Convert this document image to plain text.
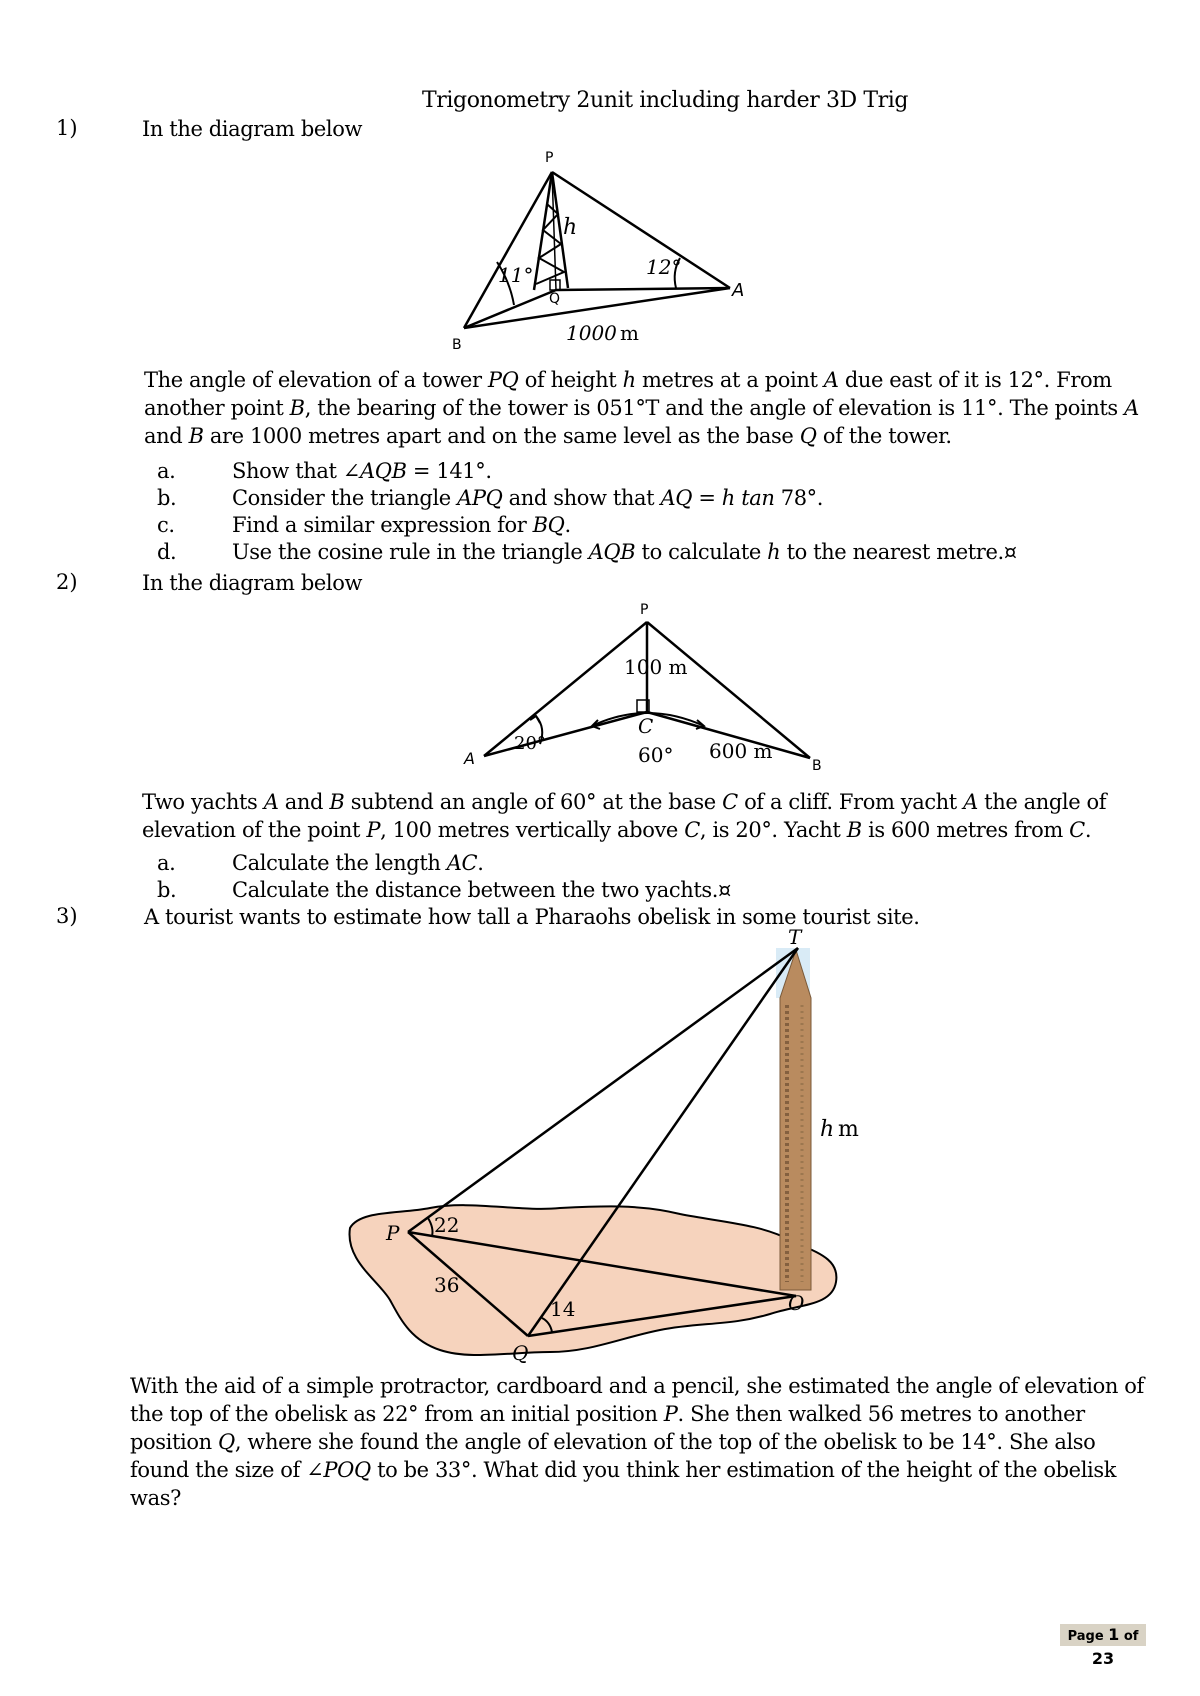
Trigonometry 2unit including harder 3D Trig
1)	In the diagram below
P
Q	A
B
h
11°	12°
1000 m
The angle of elevation of a tower PQ of height h metres at a point A due east of it is 12°. From another point B, the bearing of the tower is 051°T and the angle of elevation is 11°. The points A and B are 1000 metres apart and on the same level as the base Q of the tower.
a.	Show that ∠AQB = 141°.
b.	Consider the triangle APQ and show that AQ = h tan 78°.
c.	Find a similar expression for BQ.
d.	Use the cosine rule in the triangle AQB to calculate h to the nearest metre.¤
2)	In the diagram below
P
A	B
C
100 m
20°	60° 600 m
Two yachts A and B subtend an angle of 60° at the base C of a cliff. From yacht A the angle of elevation of the point P, 100 metres vertically above C, is 20°. Yacht B is 600 metres from C.
a.	Calculate the length AC.
b.	Calculate the distance between the two yachts.¤
3)	A tourist wants to estimate how tall a Pharaohs obelisk in some tourist site.
T
P
Q
O
h m
22
14
36
With the aid of a simple protractor, cardboard and a pencil, she estimated the angle of elevation of the top of the obelisk as 22° from an initial position P. She then walked 56 metres to another position Q, where she found the angle of elevation of the top of the obelisk to be 14°. She also found the size of ∠POQ to be 33°. What did you think her estimation of the height of the obelisk was?
Page 1 of 23
